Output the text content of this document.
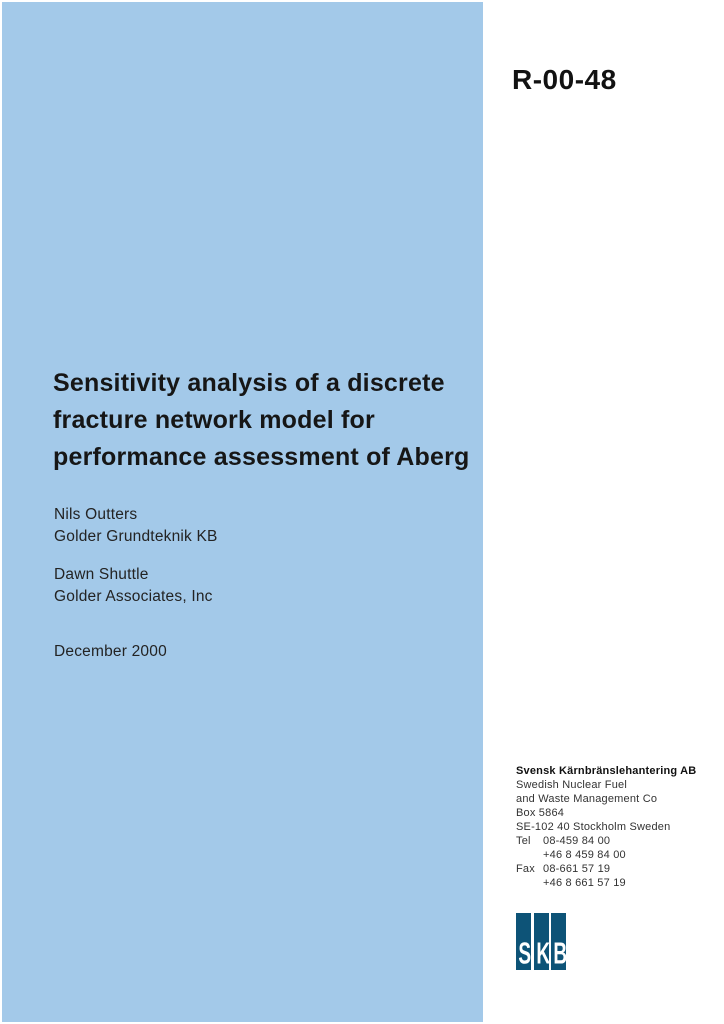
R-00-48
Sensitivity analysis of a discrete
fracture network model for
performance assessment of Aberg
Nils Outters
Golder Grundteknik KB
Dawn Shuttle
Golder Associates, Inc
December 2000
Svensk Kärnbränslehantering AB
Swedish Nuclear Fuel
and Waste Management Co
Box 5864
SE-102 40 Stockholm Sweden
Tel	08-459 84 00
+46 8 459 84 00
Fax 08-661 57 19
+46 8 661 57 19
S K B
